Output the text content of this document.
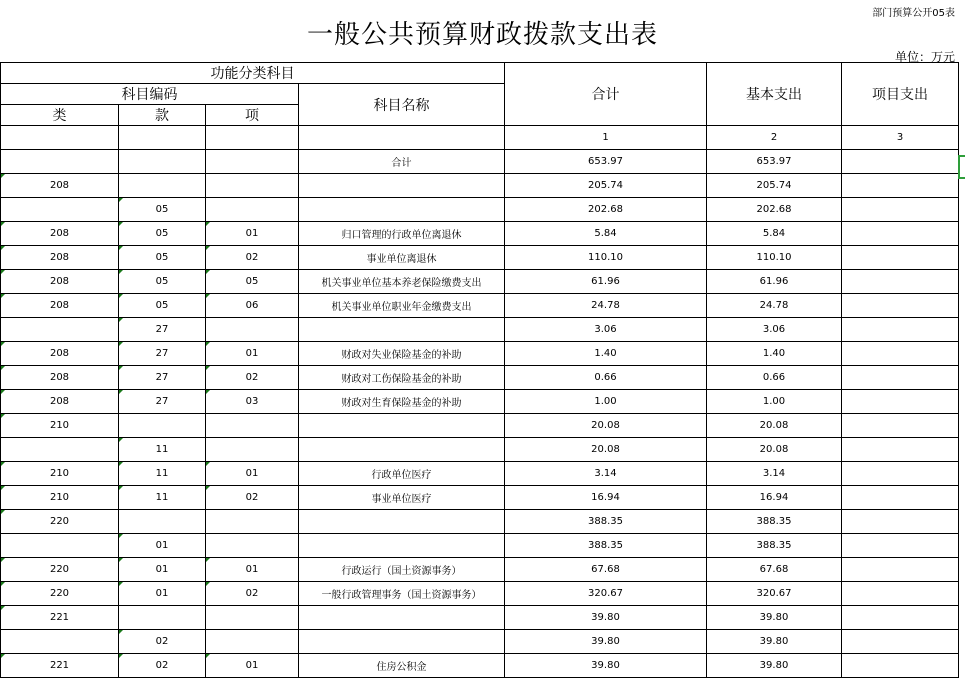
部门预算公开05表
一般公共预算财政拨款支出表
单位：万元
功能分类科目				合计	基本支出	项目支出
科目编码			科目名称			
类	款	项				
				1	2	3
			合计	653.97	653.97	
208				205.74	205.74	
	05			202.68	202.68	
208	05	01	归口管理的行政单位离退休	5.84	5.84	
208	05	02	事业单位离退休	110.10	110.10	
208	05	05	机关事业单位基本养老保险缴费支出	61.96	61.96	
208	05	06	机关事业单位职业年金缴费支出	24.78	24.78	
	27			3.06	3.06	
208	27	01	财政对失业保险基金的补助	1.40	1.40	
208	27	02	财政对工伤保险基金的补助	0.66	0.66	
208	27	03	财政对生育保险基金的补助	1.00	1.00	
210				20.08	20.08	
	11			20.08	20.08	
210	11	01	行政单位医疗	3.14	3.14	
210	11	02	事业单位医疗	16.94	16.94	
220				388.35	388.35	
	01			388.35	388.35	
220	01	01	行政运行（国土资源事务）	67.68	67.68	
220	01	02	一般行政管理事务（国土资源事务）	320.67	320.67	
221				39.80	39.80	
	02			39.80	39.80	
221	02	01	住房公积金	39.80	39.80	
